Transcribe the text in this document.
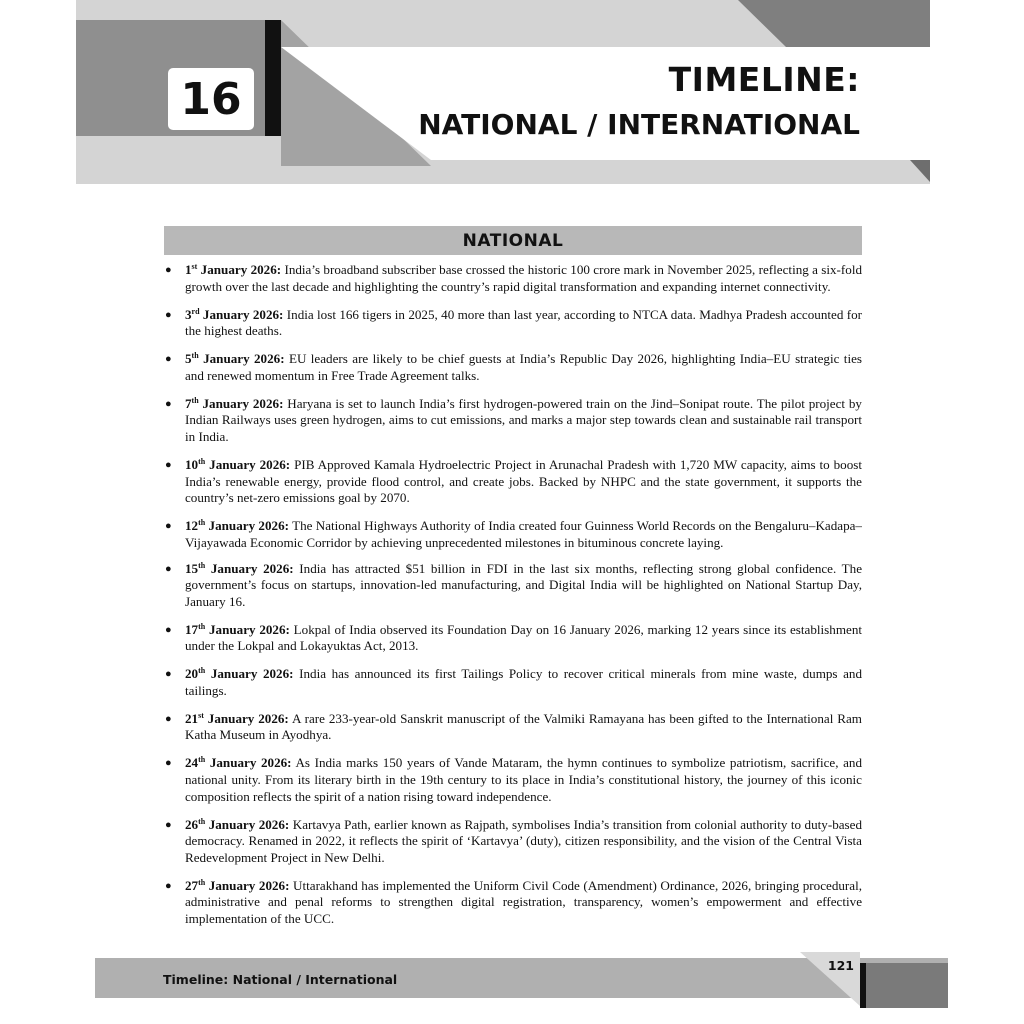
16	TIMELINE:
NATIONAL / INTERNATIONAL
NATIONAL
● 1st January 2026: India’s broadband subscriber base crossed the historic 100 crore mark in November 2025, reflecting a six-fold growth over the last decade and highlighting the country’s rapid digital transformation and expanding internet connectivity.
● 3rd January 2026: India lost 166 tigers in 2025, 40 more than last year, according to NTCA data. Madhya Pradesh accounted for the highest deaths.
● 5th January 2026: EU leaders are likely to be chief guests at India’s Republic Day 2026, highlighting India–EU strategic ties and renewed momentum in Free Trade Agreement talks.
● 7th January 2026: Haryana is set to launch India’s first hydrogen-powered train on the Jind–Sonipat route. The pilot project by Indian Railways uses green hydrogen, aims to cut emissions, and marks a major step towards clean and sustainable rail transport in India.
● 10th January 2026: PIB Approved Kamala Hydroelectric Project in Arunachal Pradesh with 1,720 MW capacity, aims to boost India’s renewable energy, provide flood control, and create jobs. Backed by NHPC and the state government, it supports the country’s net-zero emissions goal by 2070.
● 12th January 2026: The National Highways Authority of India created four Guinness World Records on the Bengaluru–Kadapa–Vijayawada Economic Corridor by achieving unprecedented milestones in bituminous concrete laying.
● 15th January 2026: India has attracted $51 billion in FDI in the last six months, reflecting strong global confidence. The government’s focus on startups, innovation-led manufacturing, and Digital India will be highlighted on National Startup Day, January 16.
● 17th January 2026: Lokpal of India observed its Foundation Day on 16 January 2026, marking 12 years since its establishment under the Lokpal and Lokayuktas Act, 2013.
● 20th January 2026: India has announced its first Tailings Policy to recover critical minerals from mine waste, dumps and tailings.
● 21st January 2026: A rare 233-year-old Sanskrit manuscript of the Valmiki Ramayana has been gifted to the International Ram Katha Museum in Ayodhya.
● 24th January 2026: As India marks 150 years of Vande Mataram, the hymn continues to symbolize patriotism, sacrifice, and national unity. From its literary birth in the 19th century to its place in India’s constitutional history, the journey of this iconic composition reflects the spirit of a nation rising toward independence.
● 26th January 2026: Kartavya Path, earlier known as Rajpath, symbolises India’s transition from colonial authority to duty-based democracy. Renamed in 2022, it reflects the spirit of ‘Kartavya’ (duty), citizen responsibility, and the vision of the Central Vista Redevelopment Project in New Delhi.
● 27th January 2026: Uttarakhand has implemented the Uniform Civil Code (Amendment) Ordinance, 2026, bringing procedural, administrative and penal reforms to strengthen digital registration, transparency, women’s empowerment and effective implementation of the UCC.
Timeline: National / International
121
